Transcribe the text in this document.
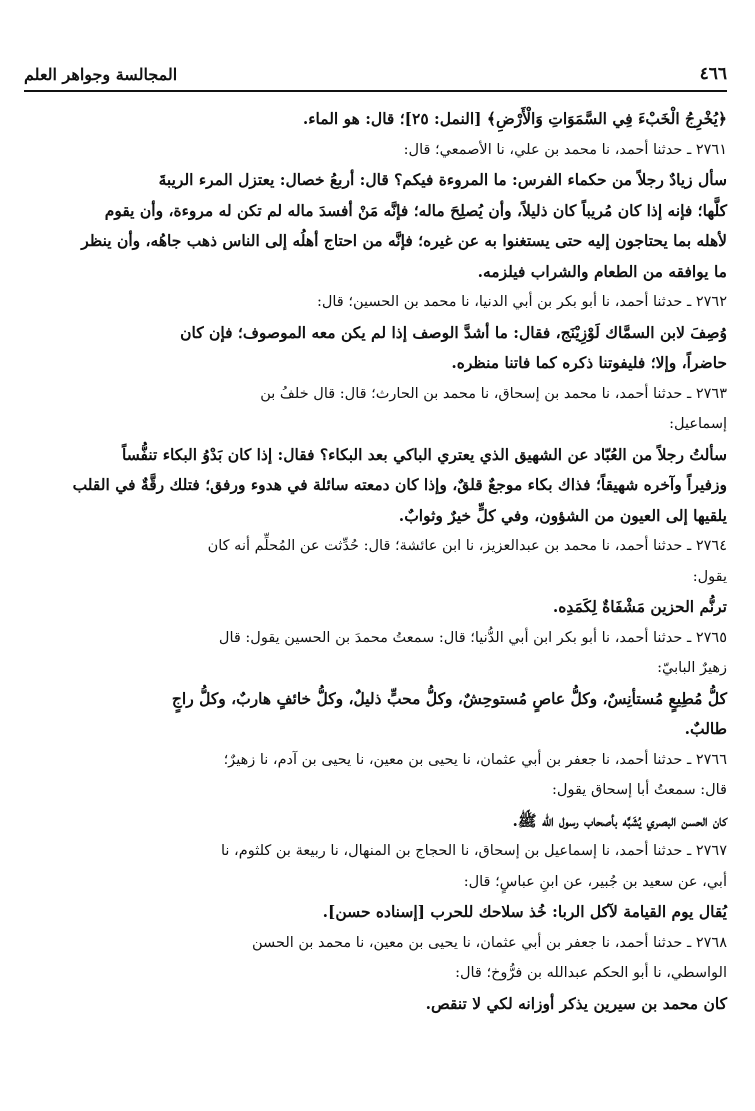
٤٦٦
المجالسة وجواهر العلم

﴿يُخْرِجُ الْخَبْءَ فِي السَّمَوَاتِ وَالْأَرْضِ﴾ [النمل: ٢٥]؛ قال: هو الماء.

٢٧٦١ ـ حدثنا أحمد، نا محمد بن علي، نا الأصمعي؛ قال:

سأل زيادٌ رجلاً من حكماء الفرس: ما المروءة فيكم؟ قال: أربعُ خصال: يعتزل المرء الريبةَ

كلَّها؛ فإنه إذا كان مُريباً كان ذليلاً، وأن يُصلِحَ ماله؛ فإنَّه مَنْ أفسدَ ماله لم تكن له مروءة، وأن يقوم

لأهله بما يحتاجون إليه حتى يستغنوا به عن غيره؛ فإنَّه من احتاج أهلُه إلى الناس ذهب جاهُه، وأن ينظر

ما يوافقه من الطعام والشراب فيلزمه.

٢٧٦٢ ـ حدثنا أحمد، نا أبو بكر بن أبي الدنيا، نا محمد بن الحسين؛ قال:

وُصِفَ لابن السمَّاك لَوْزِيْنَج، فقال: ما أشدَّ الوصف إذا لم يكن معه الموصوف؛ فإن كان

حاضراً، وإلا؛ فليفوتنا ذكره كما فاتنا منظره.

٢٧٦٣ ـ حدثنا أحمد، نا محمد بن إسحاق، نا محمد بن الحارث؛ قال: قال خلفُ بن

إسماعيل:

سألتُ رجلاً من العُبّاد عن الشهيق الذي يعتري الباكي بعد البكاء؟ فقال: إذا كان بَدْوُ البكاء تنفُّساً

وزفيراً وآخره شهيقاً؛ فذاك بكاء موجعٌ قلقٌ، وإذا كان دمعته سائلة في هدوء ورفق؛ فتلك رقَّةٌ في القلب

يلقيها إلى العيون من الشؤون، وفي كلٍّ خيرٌ وثوابٌ.

٢٧٦٤ ـ حدثنا أحمد، نا محمد بن عبدالعزيز، نا ابن عائشة؛ قال: حُدِّثت عن المُحلِّم أنه كان

يقول:

ترنُّم الحزين مَشْفَاةٌ لِكَمَدِه.

٢٧٦٥ ـ حدثنا أحمد، نا أبو بكر ابن أبي الدُّنيا؛ قال: سمعتُ محمدَ بن الحسين يقول: قال

زهيرٌ البابيّ:

كلُّ مُطِيعٍ مُستأنِسٌ، وكلُّ عاصٍ مُستوحِشٌ، وكلُّ محبٍّ ذليلٌ، وكلُّ خائفٍ هاربٌ، وكلُّ راجٍ

طالبٌ.

٢٧٦٦ ـ حدثنا أحمد، نا جعفر بن أبي عثمان، نا يحيى بن معين، نا يحيى بن آدم، نا زهيرٌ؛

قال: سمعتُ أبا إسحاق يقول:

كان الحسن البصري يُشَبَّه بأصحاب رسول الله ﷺ.

٢٧٦٧ ـ حدثنا أحمد، نا إسماعيل بن إسحاق، نا الحجاج بن المنهال، نا ربيعة بن كلثوم، نا

أبي، عن سعيد بن جُبير، عن ابنِ عباسٍ؛ قال:

يُقال يوم القيامة لآكل الربا: خُذ سلاحك للحرب [إسناده حسن].

٢٧٦٨ ـ حدثنا أحمد، نا جعفر بن أبي عثمان، نا يحيى بن معين، نا محمد بن الحسن

الواسطي، نا أبو الحكم عبدالله بن فرُّوخ؛ قال:

كان محمد بن سيرين يذكر أوزانه لكي لا تنقص.
